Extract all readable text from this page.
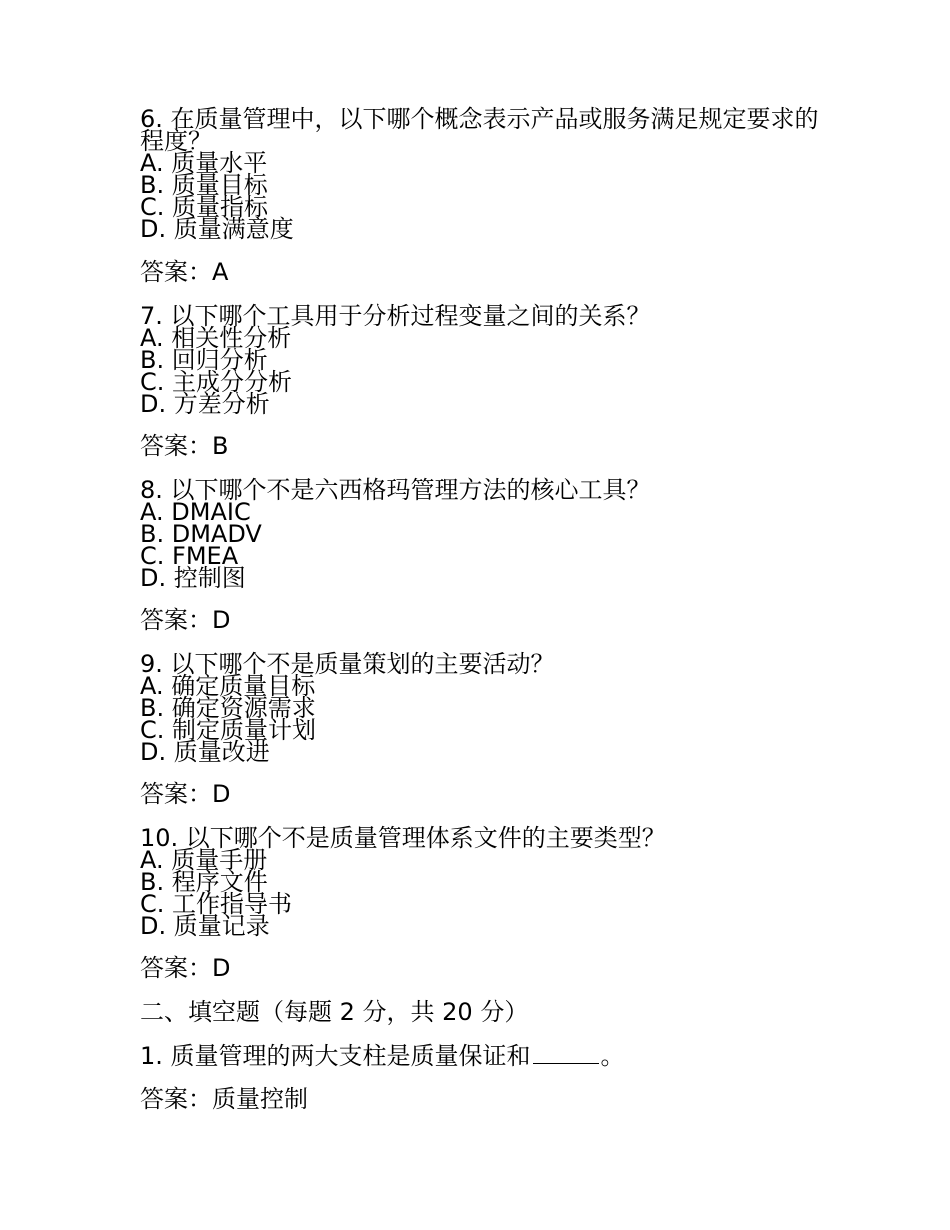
6. 在质量管理中，以下哪个概念表示产品或服务满足规定要求的程度？

A. 质量水平

B. 质量目标

C. 质量指标

D. 质量满意度

答案：A

7. 以下哪个工具用于分析过程变量之间的关系？

A. 相关性分析

B. 回归分析

C. 主成分分析

D. 方差分析

答案：B

8. 以下哪个不是六西格玛管理方法的核心工具？

A. DMAIC

B. DMADV

C. FMEA

D. 控制图

答案：D

9. 以下哪个不是质量策划的主要活动？

A. 确定质量目标

B. 确定资源需求

C. 制定质量计划

D. 质量改进

答案：D

10. 以下哪个不是质量管理体系文件的主要类型？

A. 质量手册

B. 程序文件

C. 工作指导书

D. 质量记录

答案：D
二、填空题（每题 2 分，共 20 分）
1. 质量管理的两大支柱是质量保证和	。
答案：质量控制
